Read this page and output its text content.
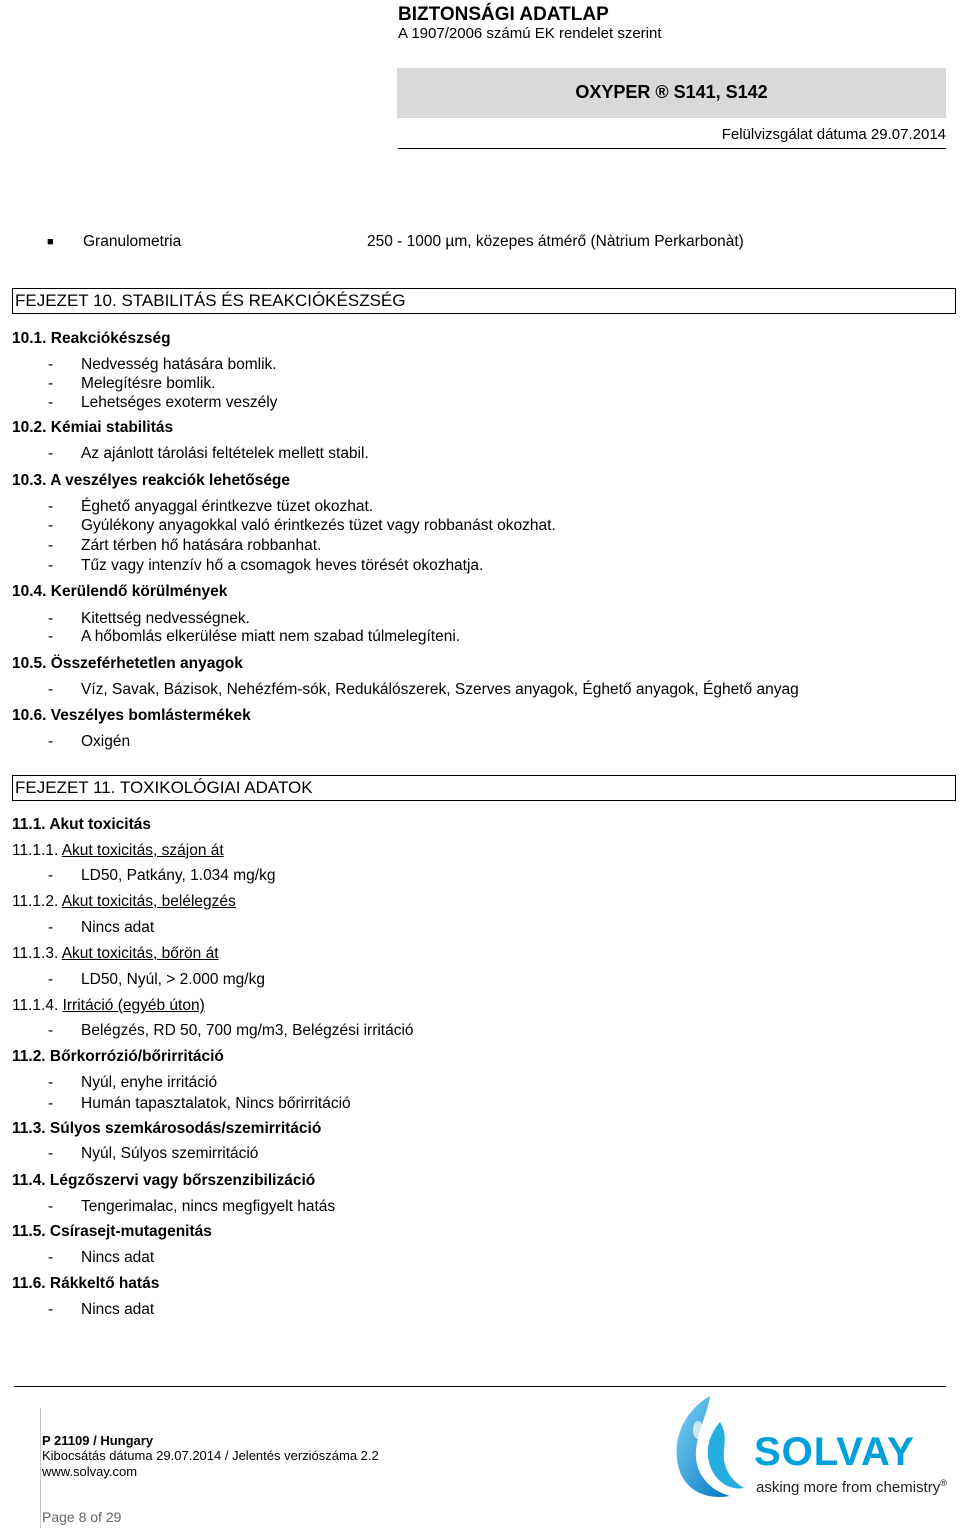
BIZTONSÁGI ADATLAP
A 1907/2006 számú EK rendelet szerint
OXYPER ® S141, S142
Felülvizsgálat dátuma 29.07.2014
■ Granulometria	250 - 1000 µm, közepes átmérő (Nàtrium Perkarbonàt)
FEJEZET 10. STABILITÁS ÉS REAKCIÓKÉSZSÉG
10.1. Reakciókészség
- Nedvesség hatására bomlik.
- Melegítésre bomlik.
- Lehetséges exoterm veszély
10.2. Kémiai stabilitás
- Az ajánlott tárolási feltételek mellett stabil.
10.3. A veszélyes reakciók lehetősége
- Éghető anyaggal érintkezve tüzet okozhat.
- Gyúlékony anyagokkal való érintkezés tüzet vagy robbanást okozhat.
- Zárt térben hő hatására robbanhat.
- Tűz vagy intenzív hő a csomagok heves törését okozhatja.
10.4. Kerülendő körülmények
- Kitettség nedvességnek.
- A hőbomlás elkerülése miatt nem szabad túlmelegíteni.
10.5. Összeférhetetlen anyagok
- Víz, Savak, Bázisok, Nehézfém-sók, Redukálószerek, Szerves anyagok, Éghető anyagok, Éghető anyag
10.6. Veszélyes bomlástermékek
- Oxigén
FEJEZET 11. TOXIKOLÓGIAI ADATOK
11.1. Akut toxicitás
11.1.1. Akut toxicitás, szájon át
- LD50, Patkány, 1.034 mg/kg
11.1.2. Akut toxicitás, belélegzés
- Nincs adat
11.1.3. Akut toxicitás, bőrön át
- LD50, Nyúl, > 2.000 mg/kg
11.1.4. Irritáció (egyéb úton)
- Belégzés, RD 50, 700 mg/m3, Belégzési irritáció
11.2. Bőrkorrózió/bőrirritáció
- Nyúl, enyhe irritáció
- Humán tapasztalatok, Nincs bőrirritáció
11.3. Súlyos szemkárosodás/szemirritáció
- Nyúl, Súlyos szemirritáció
11.4. Légzőszervi vagy bőrszenzibilizáció
- Tengerimalac, nincs megfigyelt hatás
11.5. Csírasejt-mutagenitás
- Nincs adat
11.6. Rákkeltő hatás
- Nincs adat
P 21109 / Hungary
Kibocsátás dátuma 29.07.2014 / Jelentés verziószáma 2.2
www.solvay.com
Page 8 of 29
SOLVAY
asking more from chemistry®
